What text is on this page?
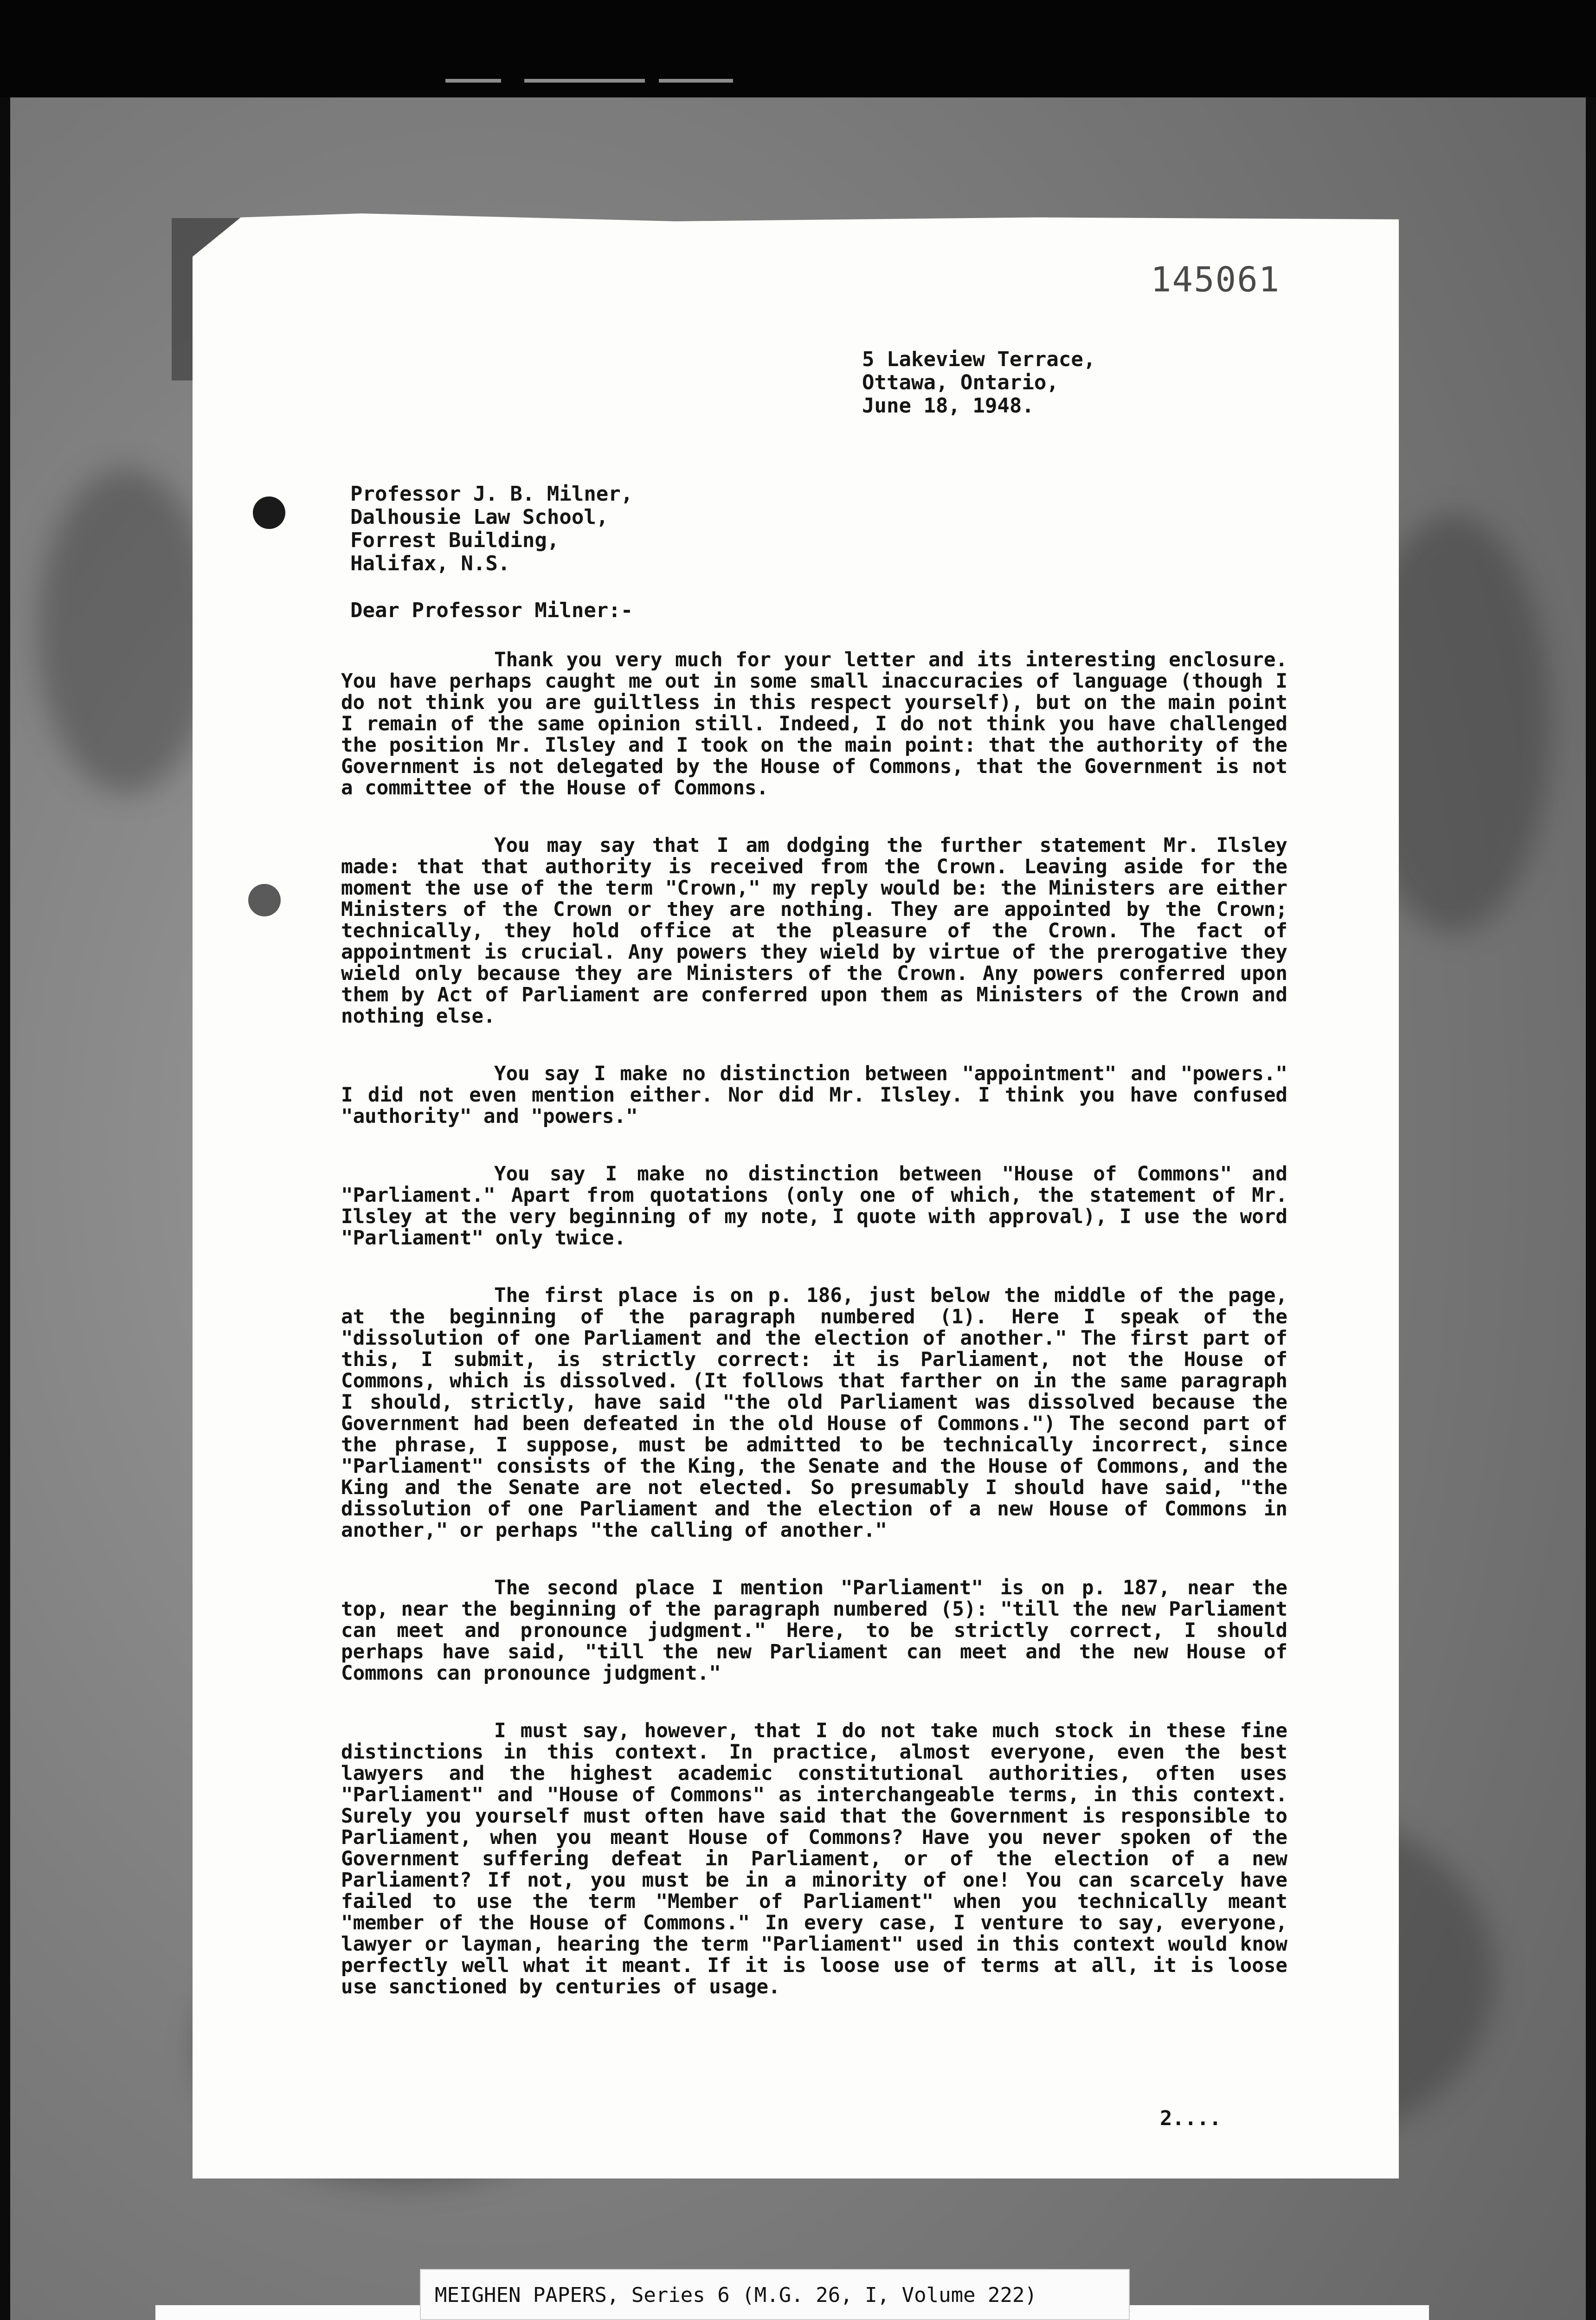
145061
5 Lakeview Terrace,
Ottawa, Ontario,
June 18, 1948.
Professor J. B. Milner,
Dalhousie Law School,
Forrest Building,
Halifax, N.S.
Dear Professor Milner:-

Thank you very much for your letter and its interesting enclosure. You have perhaps caught me out in some small inaccuracies of language (though I do not think you are guiltless in this respect yourself), but on the main point I remain of the same opinion still. Indeed, I do not think you have challenged the position Mr. Ilsley and I took on the main point: that the authority of the Government is not delegated by the House of Commons, that the Government is not a committee of the House of Commons.

You may say that I am dodging the further statement Mr. Ilsley made: that that authority is received from the Crown. Leaving aside for the moment the use of the term "Crown," my reply would be: the Ministers are either Ministers of the Crown or they are nothing. They are appointed by the Crown; technically, they hold office at the pleasure of the Crown. The fact of appointment is crucial. Any powers they wield by virtue of the prerogative they wield only because they are Ministers of the Crown. Any powers conferred upon them by Act of Parliament are conferred upon them as Ministers of the Crown and nothing else.

You say I make no distinction between "appointment" and "powers." I did not even mention either. Nor did Mr. Ilsley. I think you have confused "authority" and "powers."

You say I make no distinction between "House of Commons" and "Parliament." Apart from quotations (only one of which, the statement of Mr. Ilsley at the very beginning of my note, I quote with approval), I use the word "Parliament" only twice.

The first place is on p. 186, just below the middle of the page, at the beginning of the paragraph numbered (1). Here I speak of the "dissolution of one Parliament and the election of another." The first part of this, I submit, is strictly correct: it is Parliament, not the House of Commons, which is dissolved. (It follows that farther on in the same paragraph I should, strictly, have said "the old Parliament was dissolved because the Government had been defeated in the old House of Commons.") The second part of the phrase, I suppose, must be admitted to be technically incorrect, since "Parliament" consists of the King, the Senate and the House of Commons, and the King and the Senate are not elected. So presumably I should have said, "the dissolution of one Parliament and the election of a new House of Commons in another," or perhaps "the calling of another."

The second place I mention "Parliament" is on p. 187, near the top, near the beginning of the paragraph numbered (5): "till the new Parliament can meet and pronounce judgment." Here, to be strictly correct, I should perhaps have said, "till the new Parliament can meet and the new House of Commons can pronounce judgment."

I must say, however, that I do not take much stock in these fine distinctions in this context. In practice, almost everyone, even the best lawyers and the highest academic constitutional authorities, often uses "Parliament" and "House of Commons" as interchangeable terms, in this context. Surely you yourself must often have said that the Government is responsible to Parliament, when you meant House of Commons? Have you never spoken of the Government suffering defeat in Parliament, or of the election of a new Parliament? If not, you must be in a minority of one! You can scarcely have failed to use the term "Member of Parliament" when you technically meant "member of the House of Commons." In every case, I venture to say, everyone, lawyer or layman, hearing the term "Parliament" used in this context would know perfectly well what it meant. If it is loose use of terms at all, it is loose use sanctioned by centuries of usage.

2....
MEIGHEN PAPERS, Series 6 (M.G. 26, I, Volume 222)
